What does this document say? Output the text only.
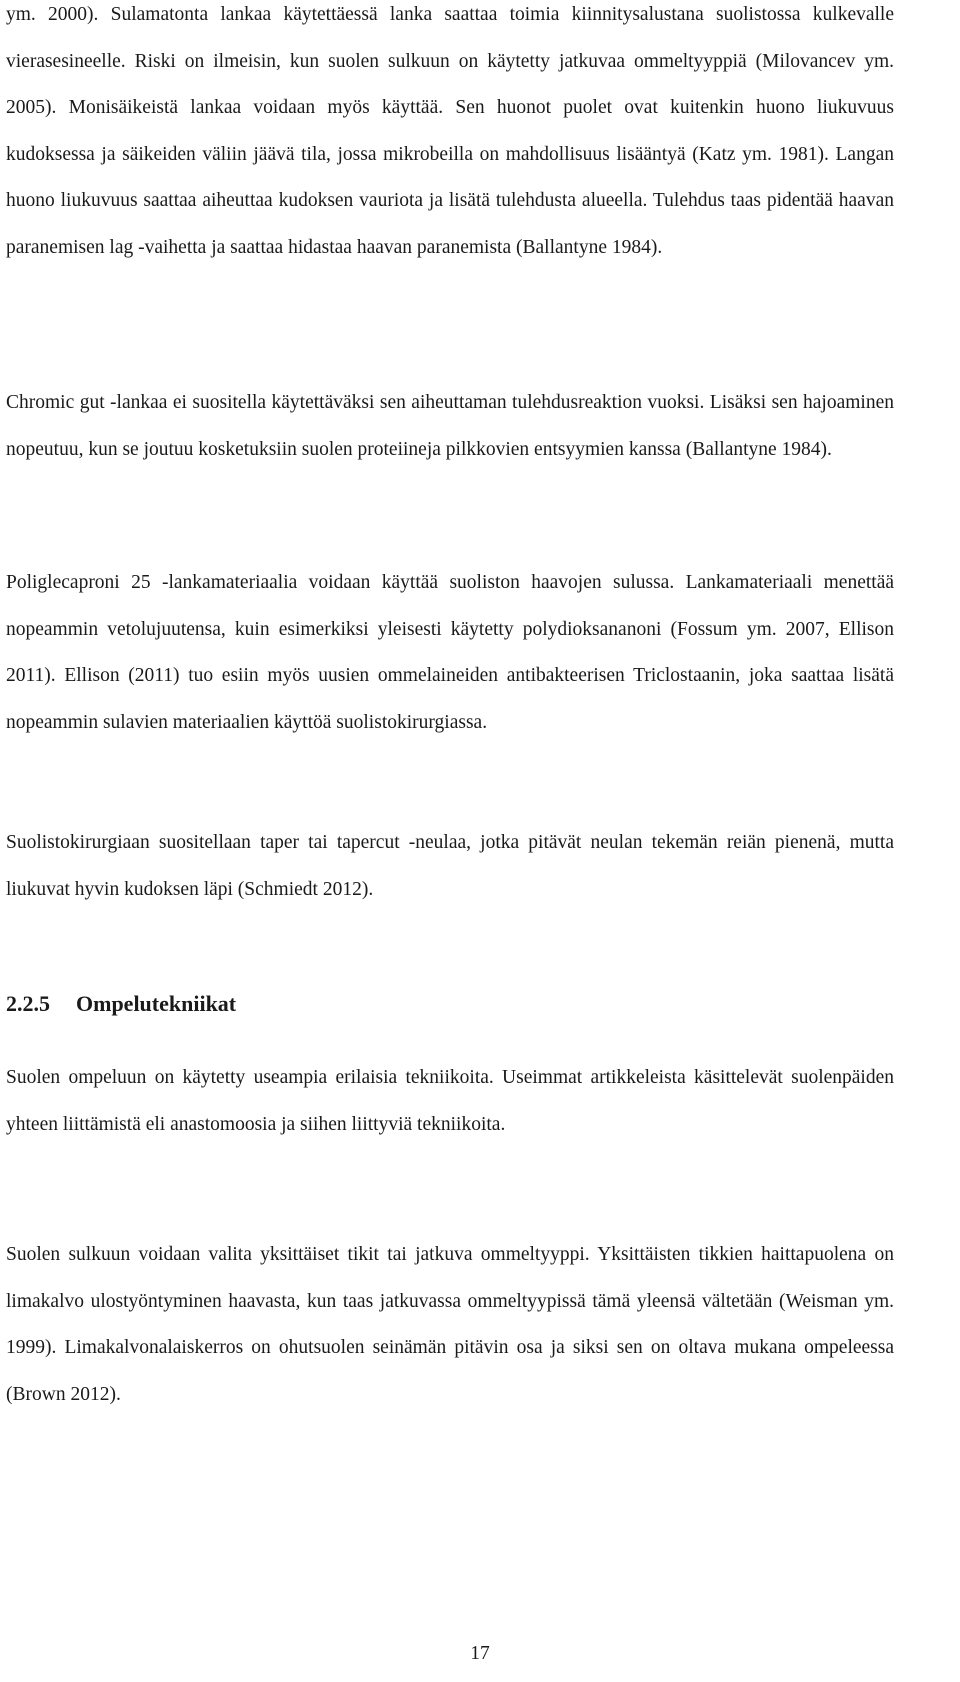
ym. 2000). Sulamatonta lankaa käytettäessä lanka saattaa toimia kiinnitysalustana suolistossa kulkevalle vierasesineelle. Riski on ilmeisin, kun suolen sulkuun on käytetty jatkuvaa ommeltyyppiä (Milovancev ym. 2005). Monisäikeistä lankaa voidaan myös käyttää. Sen huonot puolet ovat kuitenkin huono liukuvuus kudoksessa ja säikeiden väliin jäävä tila, jossa mikrobeilla on mahdollisuus lisääntyä (Katz ym. 1981). Langan huono liukuvuus saattaa aiheuttaa kudoksen vauriota ja lisätä tulehdusta alueella. Tulehdus taas pidentää haavan paranemisen lag -vaihetta ja saattaa hidastaa haavan paranemista (Ballantyne 1984).

Chromic gut -lankaa ei suositella käytettäväksi sen aiheuttaman tulehdusreaktion vuoksi. Lisäksi sen hajoaminen nopeutuu, kun se joutuu kosketuksiin suolen proteiineja pilkkovien entsyymien kanssa (Ballantyne 1984).

Poliglecaproni 25 -lankamateriaalia voidaan käyttää suoliston haavojen sulussa. Lankamateriaali menettää nopeammin vetolujuutensa, kuin esimerkiksi yleisesti käytetty polydioksananoni (Fossum ym. 2007, Ellison 2011). Ellison (2011) tuo esiin myös uusien ommelaineiden antibakteerisen Triclostaanin, joka saattaa lisätä nopeammin sulavien materiaalien käyttöä suolistokirurgiassa.

Suolistokirurgiaan suositellaan taper tai tapercut -neulaa, jotka pitävät neulan tekemän reiän pienenä, mutta liukuvat hyvin kudoksen läpi (Schmiedt 2012).

2.2.5 Ompelutekniikat

Suolen ompeluun on käytetty useampia erilaisia tekniikoita. Useimmat artikkeleista käsittelevät suolenpäiden yhteen liittämistä eli anastomoosia ja siihen liittyviä tekniikoita.

Suolen sulkuun voidaan valita yksittäiset tikit tai jatkuva ommeltyyppi. Yksittäisten tikkien haittapuolena on limakalvo ulostyöntyminen haavasta, kun taas jatkuvassa ommeltyypissä tämä yleensä vältetään (Weisman ym. 1999). Limakalvonalaiskerros on ohutsuolen seinämän pitävin osa ja siksi sen on oltava mukana ompeleessa (Brown 2012).

17
